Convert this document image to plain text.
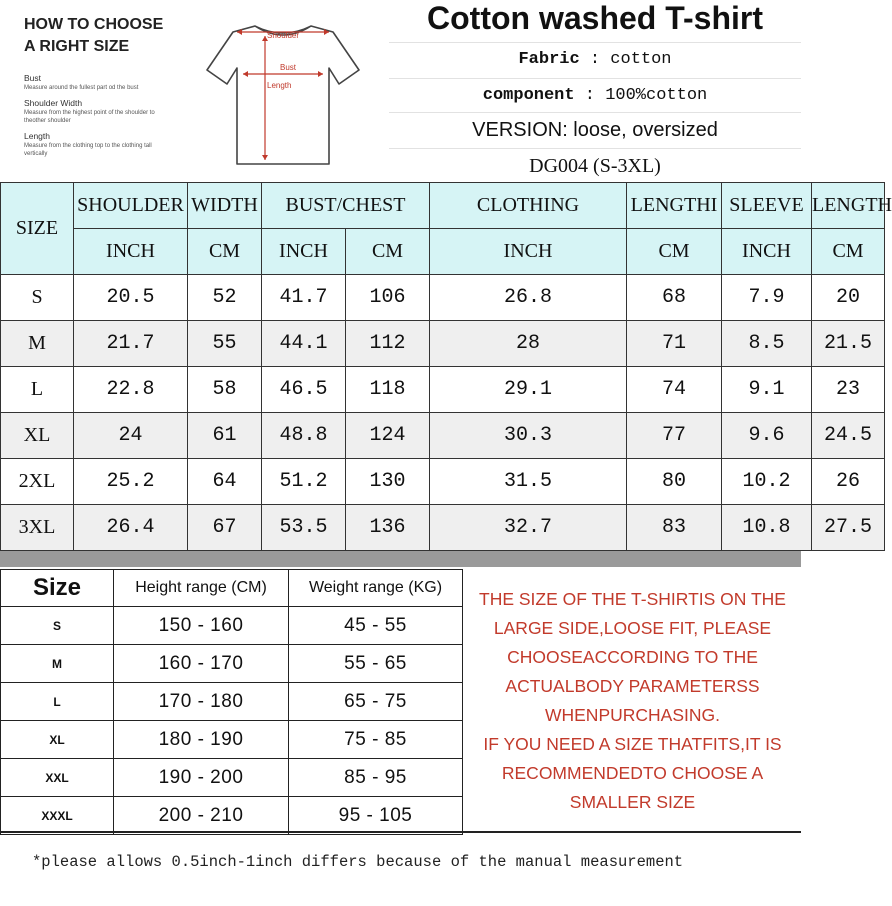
HOW TO CHOOSE
A RIGHT SIZE
Bust
Measure around the fullest part od the bust
Shoulder Width
Measure from the highest point of the shoulder to theother shoulder
Length
Measure from the clothing top to the clothing tall vertically
Shoulder
Bust
Length
Cotton washed T-shirt
Fabric : cotton
component : 100%cotton
VERSION: loose, oversized
DG004 (S-3XL)
SIZE	SHOULDER	WIDTH	BUST/CHEST		CLOTHING	LENGTHI	SLEEVE	LENGTH
	INCH	CM	INCH	CM	INCH	CM	INCH	CM
S	20.5	52	41.7	106	26.8	68	7.9	20
M	21.7	55	44.1	112	28	71	8.5	21.5
L	22.8	58	46.5	118	29.1	74	9.1	23
XL	24	61	48.8	124	30.3	77	9.6	24.5
2XL	25.2	64	51.2	130	31.5	80	10.2	26
3XL	26.4	67	53.5	136	32.7	83	10.8	27.5
Size	Height range (CM)	Weight range (KG)
S	150 - 160	45 - 55
M	160 - 170	55 - 65
L	170 - 180	65 - 75
XL	180 - 190	75 - 85
XXL	190 - 200	85 - 95
XXXL	200 - 210	95 - 105
THE SIZE OF THE T-SHIRTIS ON THE
LARGE SIDE,LOOSE FIT, PLEASE
CHOOSEACCORDING TO THE
ACTUALBODY PARAMETERSS
WHENPURCHASING.
IF YOU NEED A SIZE THATFITS,IT IS
RECOMMENDEDTO CHOOSE A
SMALLER SIZE
*please allows 0.5inch-1inch differs because of the manual measurement
